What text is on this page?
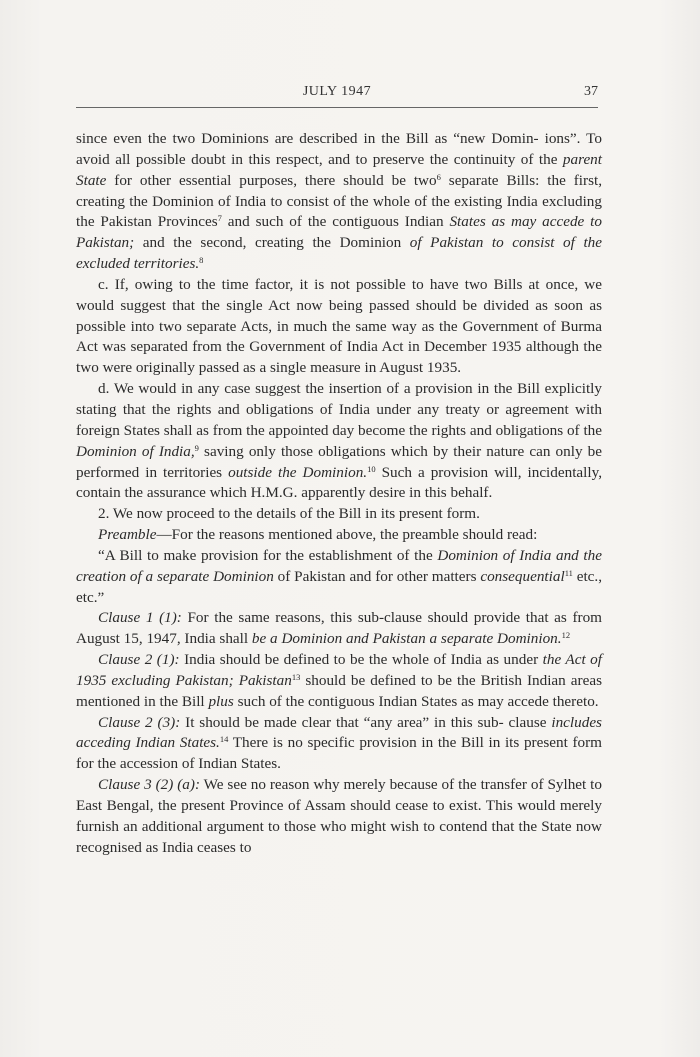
JULY 1947	37

since even the two Dominions are described in the Bill as “new Domin- ions”. To avoid all possible doubt in this respect, and to preserve the continuity of the parent State for other essential purposes, there should be two$^6$ separate Bills: the first, creating the Dominion of India to consist of the whole of the existing India excluding the Pakistan Provinces$^7$ and such of the contiguous Indian States as may accede to Pakistan; and the second, creating the Dominion of Pakistan to consist of the excluded territories.$^8$

c. If, owing to the time factor, it is not possible to have two Bills at once, we would suggest that the single Act now being passed should be divided as soon as possible into two separate Acts, in much the same way as the Government of Burma Act was separated from the Government of India Act in December 1935 although the two were originally passed as a single measure in August 1935.

d. We would in any case suggest the insertion of a provision in the Bill explicitly stating that the rights and obligations of India under any treaty or agreement with foreign States shall as from the appointed day become the rights and obligations of the Dominion of India,$^9$ saving only those obligations which by their nature can only be performed in territories outside the Dominion.$^{10}$ Such a provision will, incidentally, contain the assurance which H.M.G. apparently desire in this behalf.

2. We now proceed to the details of the Bill in its present form.

Preamble—For the reasons mentioned above, the preamble should read:

“A Bill to make provision for the establishment of the Dominion of India and the creation of a separate Dominion of Pakistan and for other matters consequential$^{11}$ etc., etc.”

Clause 1 (1): For the same reasons, this sub-clause should provide that as from August 15, 1947, India shall be a Dominion and Pakistan a separate Dominion.$^{12}$

Clause 2 (1): India should be defined to be the whole of India as under the Act of 1935 excluding Pakistan; Pakistan$^{13}$ should be defined to be the British Indian areas mentioned in the Bill plus such of the contiguous Indian States as may accede thereto.

Clause 2 (3): It should be made clear that “any area” in this sub- clause includes acceding Indian States.$^{14}$ There is no specific provision in the Bill in its present form for the accession of Indian States.

Clause 3 (2) (a): We see no reason why merely because of the transfer of Sylhet to East Bengal, the present Province of Assam should cease to exist. This would merely furnish an additional argument to those who might wish to contend that the State now recognised as India ceases to
